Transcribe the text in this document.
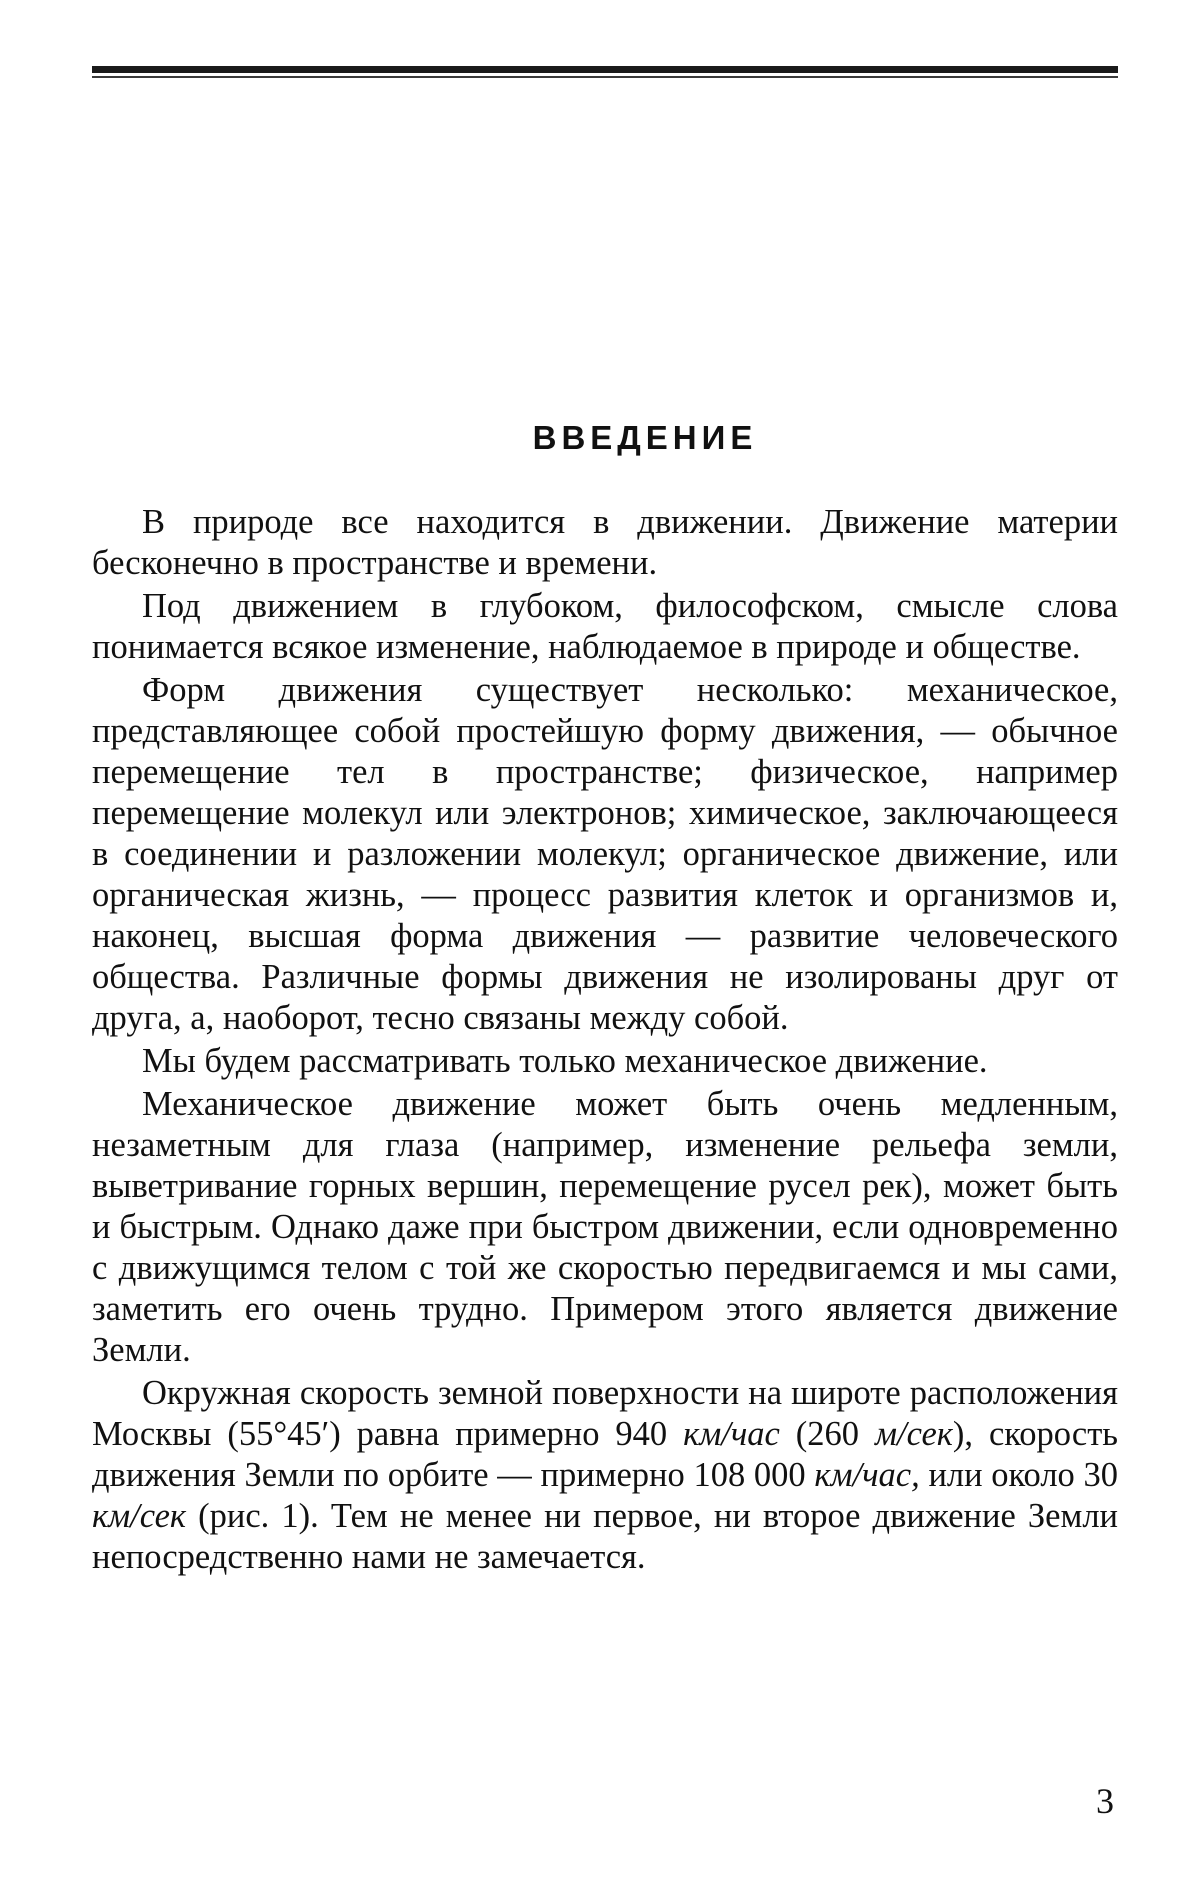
ВВЕДЕНИЕ

В природе все находится в движении. Движение материи бесконечно в пространстве и времени.

Под движением в глубоком, философском, смысле слова понимается всякое изменение, наблюдаемое в природе и обществе.

Форм движения существует несколько: механическое, представляющее собой простейшую форму движения, — обычное перемещение тел в пространстве; физическое, например перемещение молекул или электронов; химическое, заключающееся в соединении и разложении молекул; органическое движение, или органическая жизнь, — процесс развития клеток и организмов и, наконец, высшая форма движения — развитие человеческого общества. Различные формы движения не изолированы друг от друга, а, наоборот, тесно связаны между собой.

Мы будем рассматривать только механическое движение.

Механическое движение может быть очень медленным, незаметным для глаза (например, изменение рельефа земли, выветривание горных вершин, перемещение русел рек), может быть и быстрым. Однако даже при быстром движении, если одновременно с движущимся телом с той же скоростью передвигаемся и мы сами, заметить его очень трудно. Примером этого является движение Земли.

Окружная скорость земной поверхности на широте расположения Москвы (55°45′) равна примерно 940 км/час (260 м/сек), скорость движения Земли по орбите — примерно 108 000 км/час, или около 30 км/сек (рис. 1). Тем не менее ни первое, ни второе движение Земли непосредственно нами не замечается.

3
